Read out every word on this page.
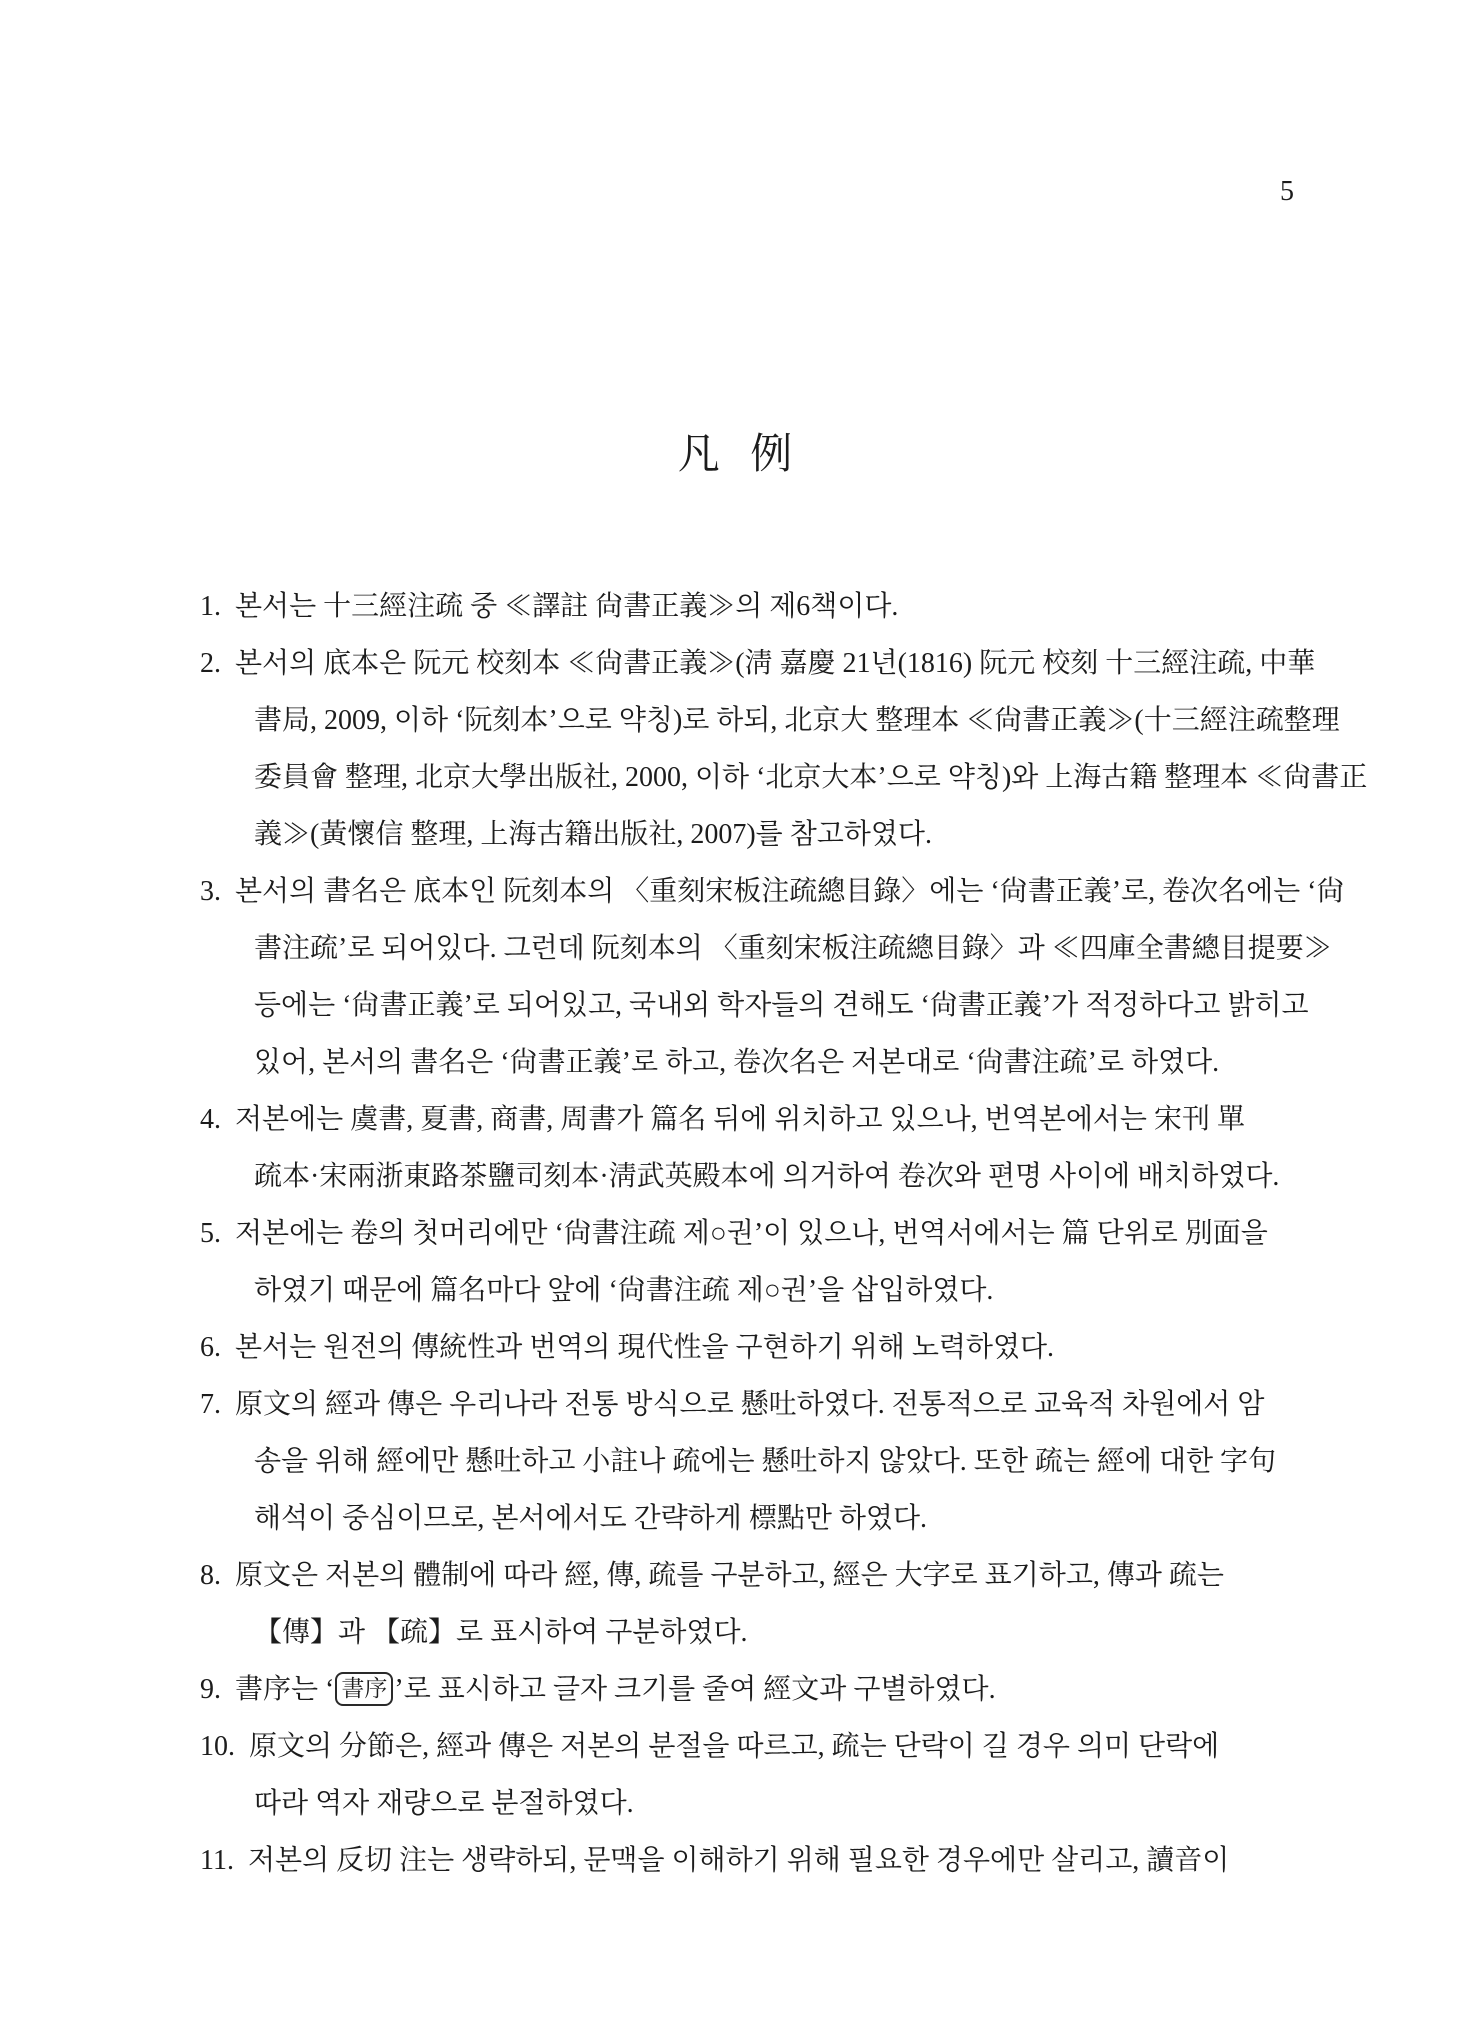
5
凡 例
1. 본서는 十三經注疏 중 ≪譯註 尙書正義≫의 제6책이다.
2. 본서의 底本은 阮元 校刻本 ≪尙書正義≫(淸 嘉慶 21년(1816) 阮元 校刻 十三經注疏, 中華
書局, 2009, 이하 ‘阮刻本’으로 약칭)로 하되, 北京大 整理本 ≪尙書正義≫(十三經注疏整理
委員會 整理, 北京大學出版社, 2000, 이하 ‘北京大本’으로 약칭)와 上海古籍 整理本 ≪尙書正
義≫(黃懷信 整理, 上海古籍出版社, 2007)를 참고하였다.
3. 본서의 書名은 底本인 阮刻本의 〈重刻宋板注疏總目錄〉에는 ‘尙書正義’로, 卷次名에는 ‘尙
書注疏’로 되어있다. 그런데 阮刻本의 〈重刻宋板注疏總目錄〉과 ≪四庫全書總目提要≫
등에는 ‘尙書正義’로 되어있고, 국내외 학자들의 견해도 ‘尙書正義’가 적정하다고 밝히고
있어, 본서의 書名은 ‘尙書正義’로 하고, 卷次名은 저본대로 ‘尙書注疏’로 하였다.
4. 저본에는 虞書, 夏書, 商書, 周書가 篇名 뒤에 위치하고 있으나, 번역본에서는 宋刊 單
疏本·宋兩浙東路茶鹽司刻本·淸武英殿本에 의거하여 卷次와 편명 사이에 배치하였다.
5. 저본에는 卷의 첫머리에만 ‘尙書注疏 제○권’이 있으나, 번역서에서는 篇 단위로 別面을
하였기 때문에 篇名마다 앞에 ‘尙書注疏 제○권’을 삽입하였다.
6. 본서는 원전의 傳統性과 번역의 現代性을 구현하기 위해 노력하였다.
7. 原文의 經과 傳은 우리나라 전통 방식으로 懸吐하였다. 전통적으로 교육적 차원에서 암
송을 위해 經에만 懸吐하고 小註나 疏에는 懸吐하지 않았다. 또한 疏는 經에 대한 字句
해석이 중심이므로, 본서에서도 간략하게 標點만 하였다.
8. 原文은 저본의 體制에 따라 經, 傳, 疏를 구분하고, 經은 大字로 표기하고, 傳과 疏는
【傳】과 【疏】로 표시하여 구분하였다.
9. 書序는 ‘ 書序 ’로 표시하고 글자 크기를 줄여 經文과 구별하였다.
10. 原文의 分節은, 經과 傳은 저본의 분절을 따르고, 疏는 단락이 길 경우 의미 단락에
따라 역자 재량으로 분절하였다.
11. 저본의 反切 注는 생략하되, 문맥을 이해하기 위해 필요한 경우에만 살리고, 讀音이
